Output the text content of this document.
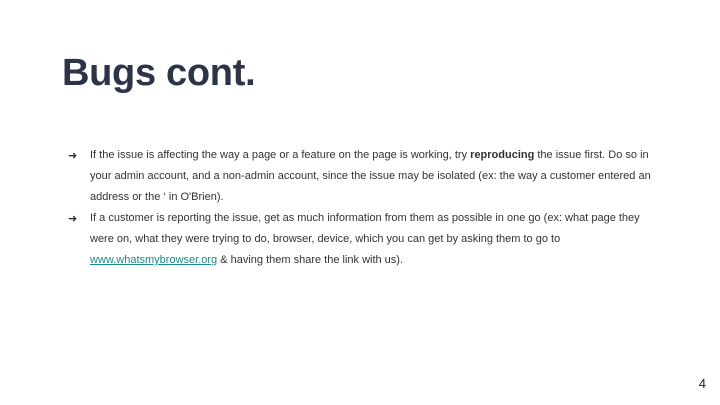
Bugs cont.
➜ If the issue is affecting the way a page or a feature on the page is working, try reproducing the issue first. Do so in your admin account, and a non-admin account, since the issue may be isolated (ex: the way a customer entered an address or the ‘ in O'Brien).
➜ If a customer is reporting the issue, get as much information from them as possible in one go (ex: what page they were on, what they were trying to do, browser, device, which you can get by asking them to go to www.whatsmybrowser.org & having them share the link with us).
4
